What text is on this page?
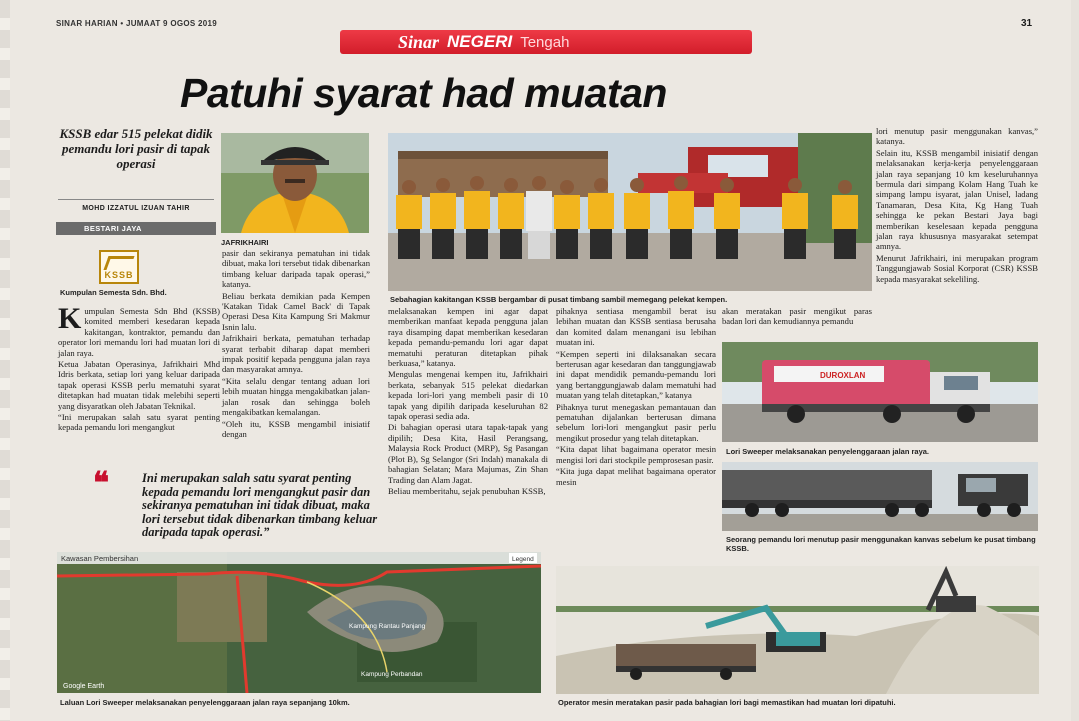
SINAR HARIAN • JUMAAT 9 OGOS 2019	31
Sinar NEGERI Tengah
Patuhi syarat had muatan
KSSB edar 515 pelekat didik pemandu lori pasir di tapak operasi
MOHD IZZATUL IZUAN TAHIR
BESTARI JAYA
KSSB
Kumpulan Semesta Sdn. Bhd.
JAFRIKHAIRI
Sebahagian kakitangan KSSB bergambar di pusat timbang sambil memegang pelekat kempen.

Kumpulan Semesta Sdn Bhd (KSSB) komited memberi kesedaran kepada kakitangan, kontraktor, pemandu dan operator lori memandu lori had muatan lori di jalan raya.

Ketua Jabatan Operasinya, Jafrikhairi Mhd Idris berkata, setiap lori yang keluar daripada tapak operasi KSSB perlu mematuhi syarat ditetapkan had muatan tidak melebihi seperti yang disyaratkan oleh Jabatan Teknikal.

“Ini merupakan salah satu syarat penting kepada pemandu lori mengangkut

pasir dan sekiranya pematuhan ini tidak dibuat, maka lori tersebut tidak dibenarkan timbang keluar daripada tapak operasi,” katanya.

Beliau berkata demikian pada Kempen 'Katakan Tidak Camel Back' di Tapak Operasi Desa Kita Kampung Sri Makmur Isnin lalu.

Jafrikhairi berkata, pematuhan terhadap syarat terbabit diharap dapat memberi impak positif kepada pengguna jalan raya dan masyarakat amnya.

“Kita selalu dengar tentang aduan lori lebih muatan hingga mengakibatkan jalan-jalan rosak dan sehingga boleh mengakibatkan kemalangan.

“Oleh itu, KSSB mengambil inisiatif dengan

melaksanakan kempen ini agar dapat memberikan manfaat kepada pengguna jalan raya disamping dapat memberikan kesedaran kepada pemandu-pemandu lori agar dapat mematuhi peraturan ditetapkan pihak berkuasa,” katanya.

Mengulas mengenai kempen itu, Jafrikhairi berkata, sebanyak 515 pelekat diedarkan kepada lori-lori yang membeli pasir di 10 tapak yang dipilih daripada keseluruhan 82 tapak operasi sedia ada.

Di bahagian operasi utara tapak-tapak yang dipilih; Desa Kita, Hasil Perangsang, Malaysia Rock Product (MRP), Sg Pasangan (Plot B), Sg Selangor (Sri Indah) manakala di bahagian Selatan; Mara Majumas, Zin Shan Trading dan Alam Jagat.

Beliau memberitahu, sejak penubuhan KSSB,

pihaknya sentiasa mengambil berat isu lebihan muatan dan KSSB sentiasa berusaha dan komited dalam menangani isu lebihan muatan ini.

“Kempen seperti ini dilaksanakan secara berterusan agar kesedaran dan tanggungjawab ini dapat mendidik pemandu-pemandu lori yang bertanggungjawab dalam mematuhi had muatan yang telah ditetapkan,” katanya

Pihaknya turut menegaskan pemantauan dan pematuhan dijalankan berterusan dimana sebelum lori-lori mengangkut pasir perlu mengikut prosedur yang telah ditetapkan.

“Kita dapat lihat bagaimana operator mesin mengisi lori dari stockpile pemprosesan pasir.

“Kita juga dapat melihat bagaimana operator mesin

akan meratakan pasir mengikut paras badan lori dan kemudiannya pemandu

lori menutup pasir menggunakan kanvas,” katanya.

Selain itu, KSSB mengambil inisiatif dengan melaksanakan kerja-kerja penyelenggaraan jalan raya sepanjang 10 km keseluruhannya bermula dari simpang Kolam Hang Tuah ke simpang lampu isyarat, jalan Unisel, ladang Tanamaran, Desa Kita, Kg Hang Tuah sehingga ke pekan Bestari Jaya bagi memberikan keselesaan kepada pengguna jalan raya khususnya masyarakat setempat amnya.

Menurut Jafrikhairi, ini merupakan program Tanggungjawab Sosial Korporat (CSR) KSSB kepada masyarakat sekeliling.

❝	Ini merupakan salah satu syarat penting kepada pemandu lori mengangkut pasir dan sekiranya pematuhan ini tidak dibuat, maka lori tersebut tidak dibenarkan timbang keluar daripada tapak operasi.”
DUROXLAN
Lori Sweeper melaksanakan penyelenggaraan jalan raya.
Seorang pemandu lori menutup pasir menggunakan kanvas sebelum ke pusat timbang KSSB.
Kawasan Pembersihan	Legend
Kampung Rantau Panjang
Kampung Perbandan
Google Earth
Laluan Lori Sweeper melaksanakan penyelenggaraan jalan raya sepanjang 10km.	Operator mesin meratakan pasir pada bahagian lori bagi memastikan had muatan lori dipatuhi.
